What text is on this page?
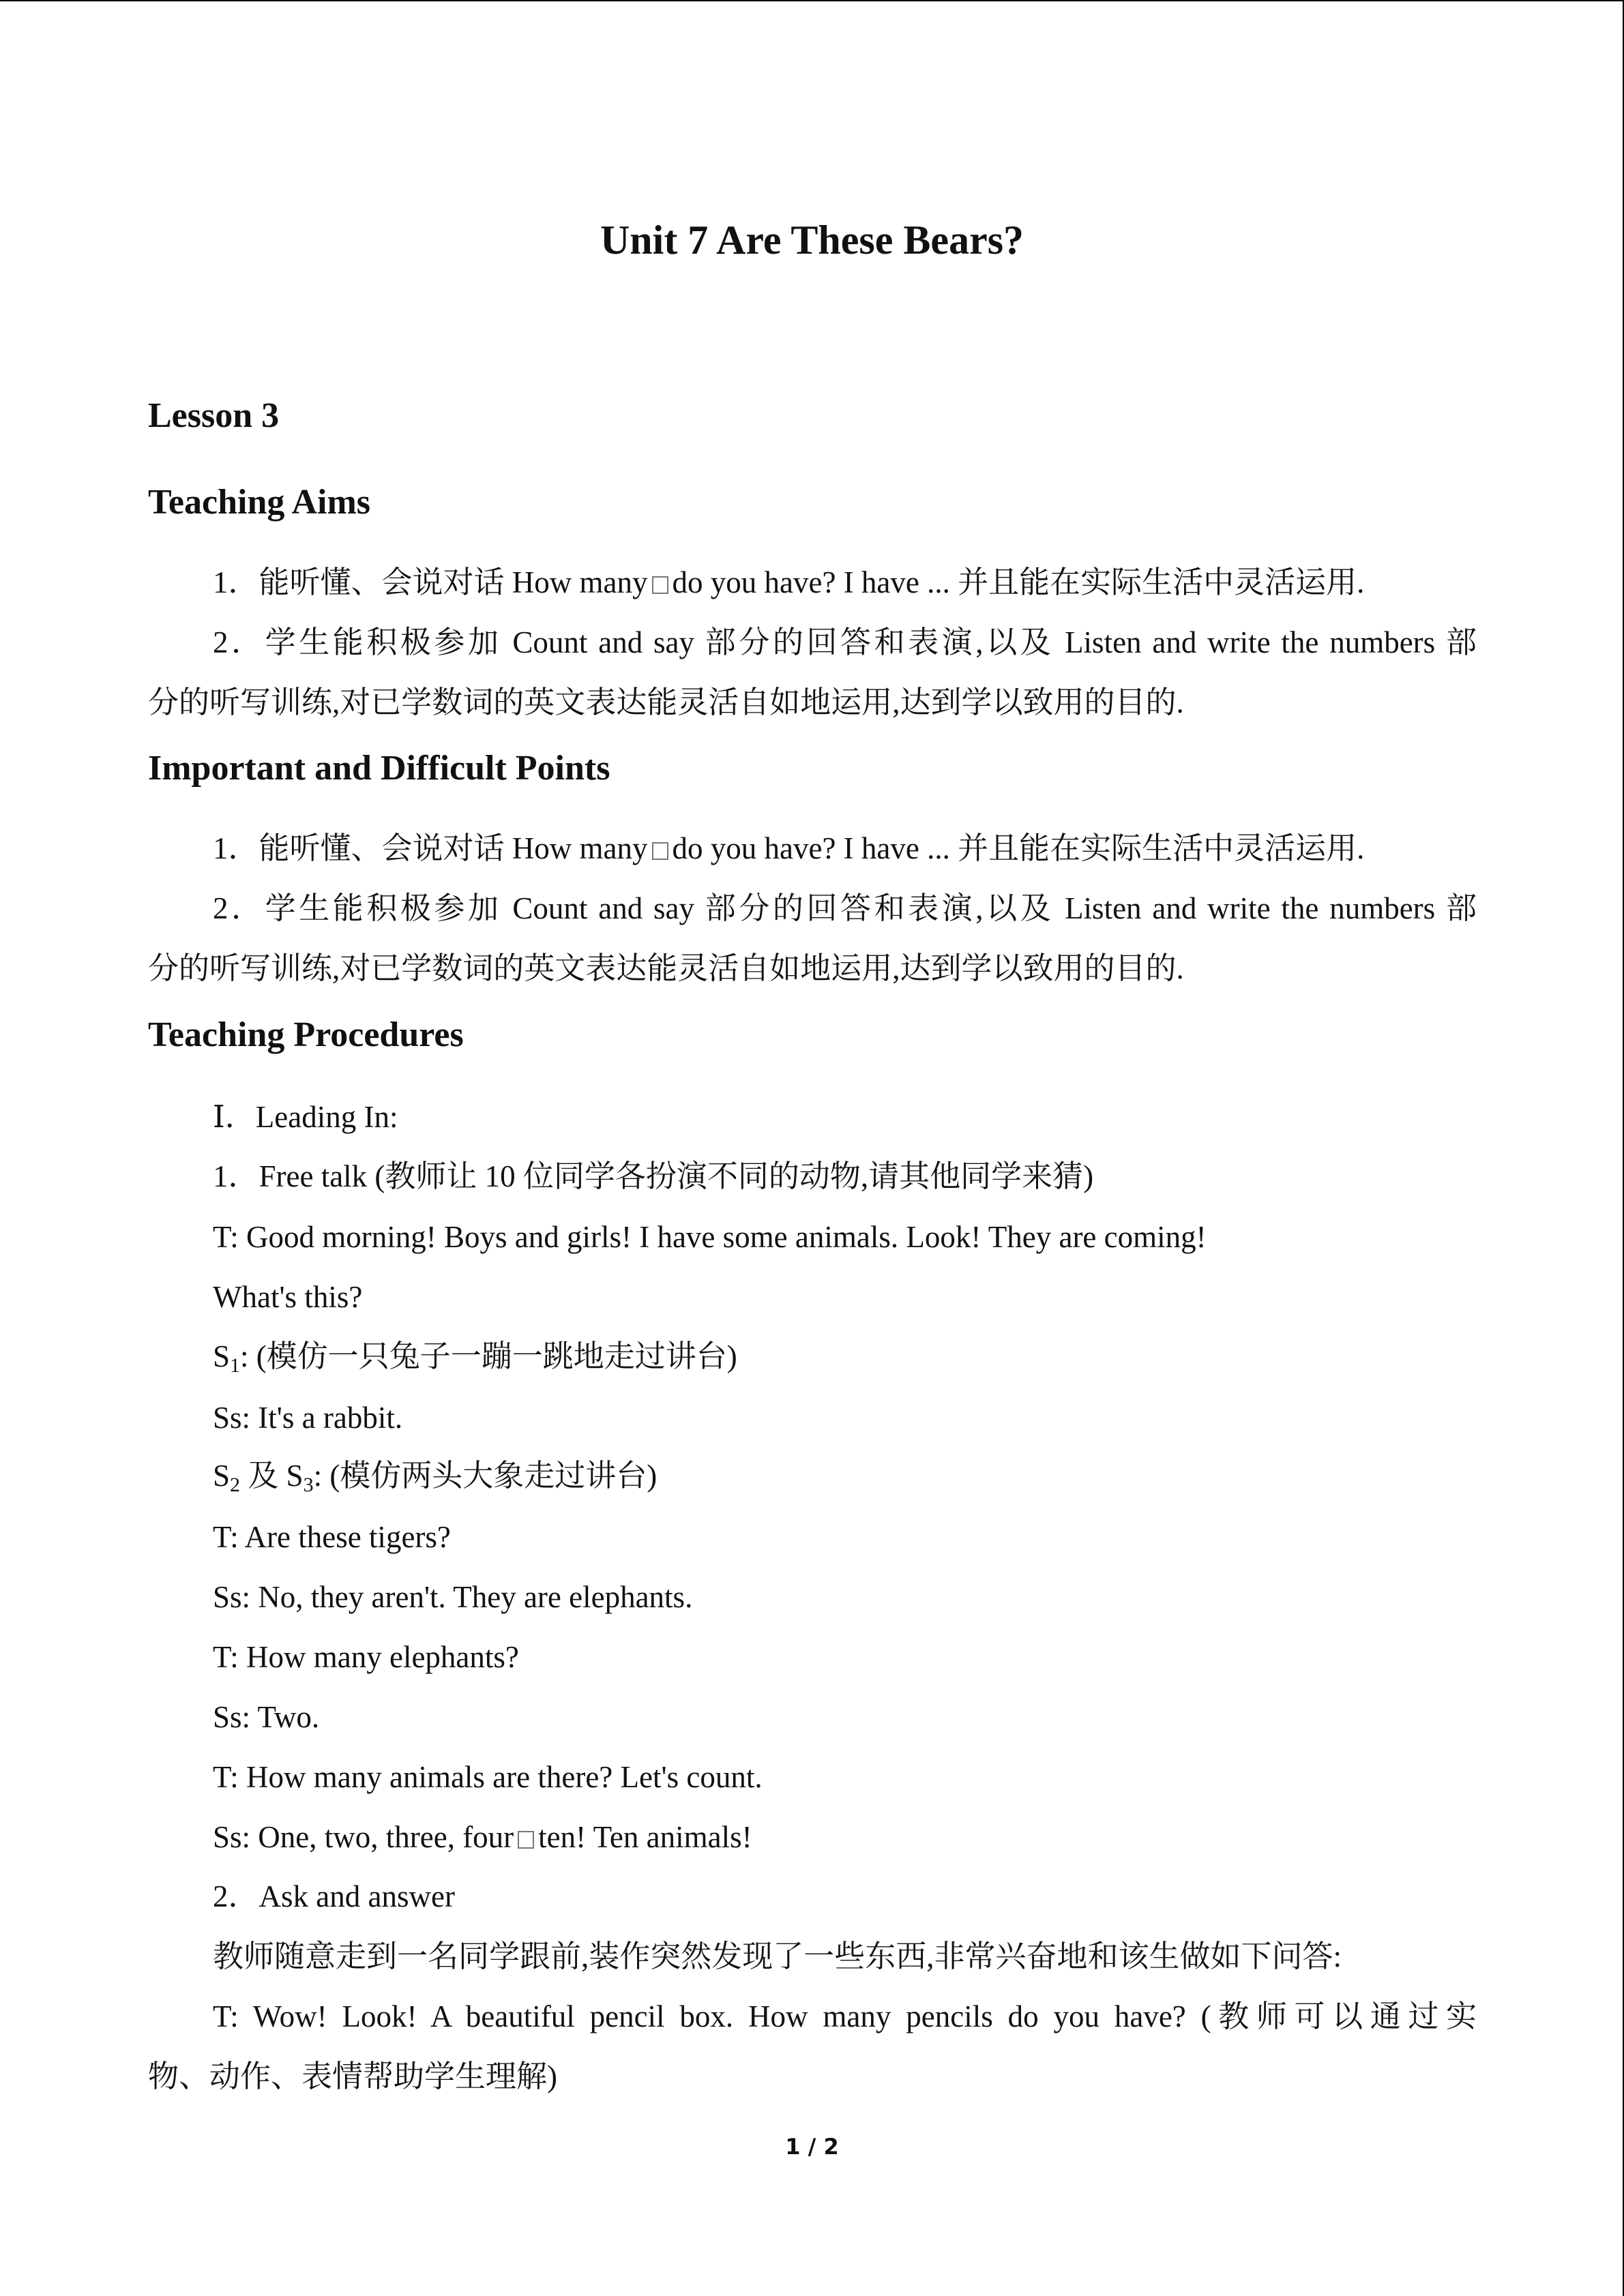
Unit 7 Are These Bears?
Lesson 3
Teaching Aims
1．能听懂、会说对话 How many do you have? I have ... 并且能在实际生活中灵活运用.
2．学生能积极参加 Count and say 部分的回答和表演,以及 Listen and write the numbers 部
分的听写训练,对已学数词的英文表达能灵活自如地运用,达到学以致用的目的.
Important and Difficult Points
1．能听懂、会说对话 How many do you have? I have ... 并且能在实际生活中灵活运用.
2．学生能积极参加 Count and say 部分的回答和表演,以及 Listen and write the numbers 部
分的听写训练,对已学数词的英文表达能灵活自如地运用,达到学以致用的目的.
Teaching Procedures
Ⅰ．Leading In:
1．Free talk (教师让 10 位同学各扮演不同的动物,请其他同学来猜)
T: Good morning! Boys and girls! I have some animals. Look! They are coming!
What's this?
$S_1$: (模仿一只兔子一蹦一跳地走过讲台)
Ss: It's a rabbit.
$S_2$ 及 $S_3$: (模仿两头大象走过讲台)
T: Are these tigers?
Ss: No, they aren't. They are elephants.
T: How many elephants?
Ss: Two.
T: How many animals are there? Let's count.
Ss: One, two, three, four ten! Ten animals!
2．Ask and answer
教师随意走到一名同学跟前,装作突然发现了一些东西,非常兴奋地和该生做如下问答:
T: Wow! Look! A beautiful pencil box. How many pencils do you have? (教师可以通过实
物、动作、表情帮助学生理解)
1 / 2
